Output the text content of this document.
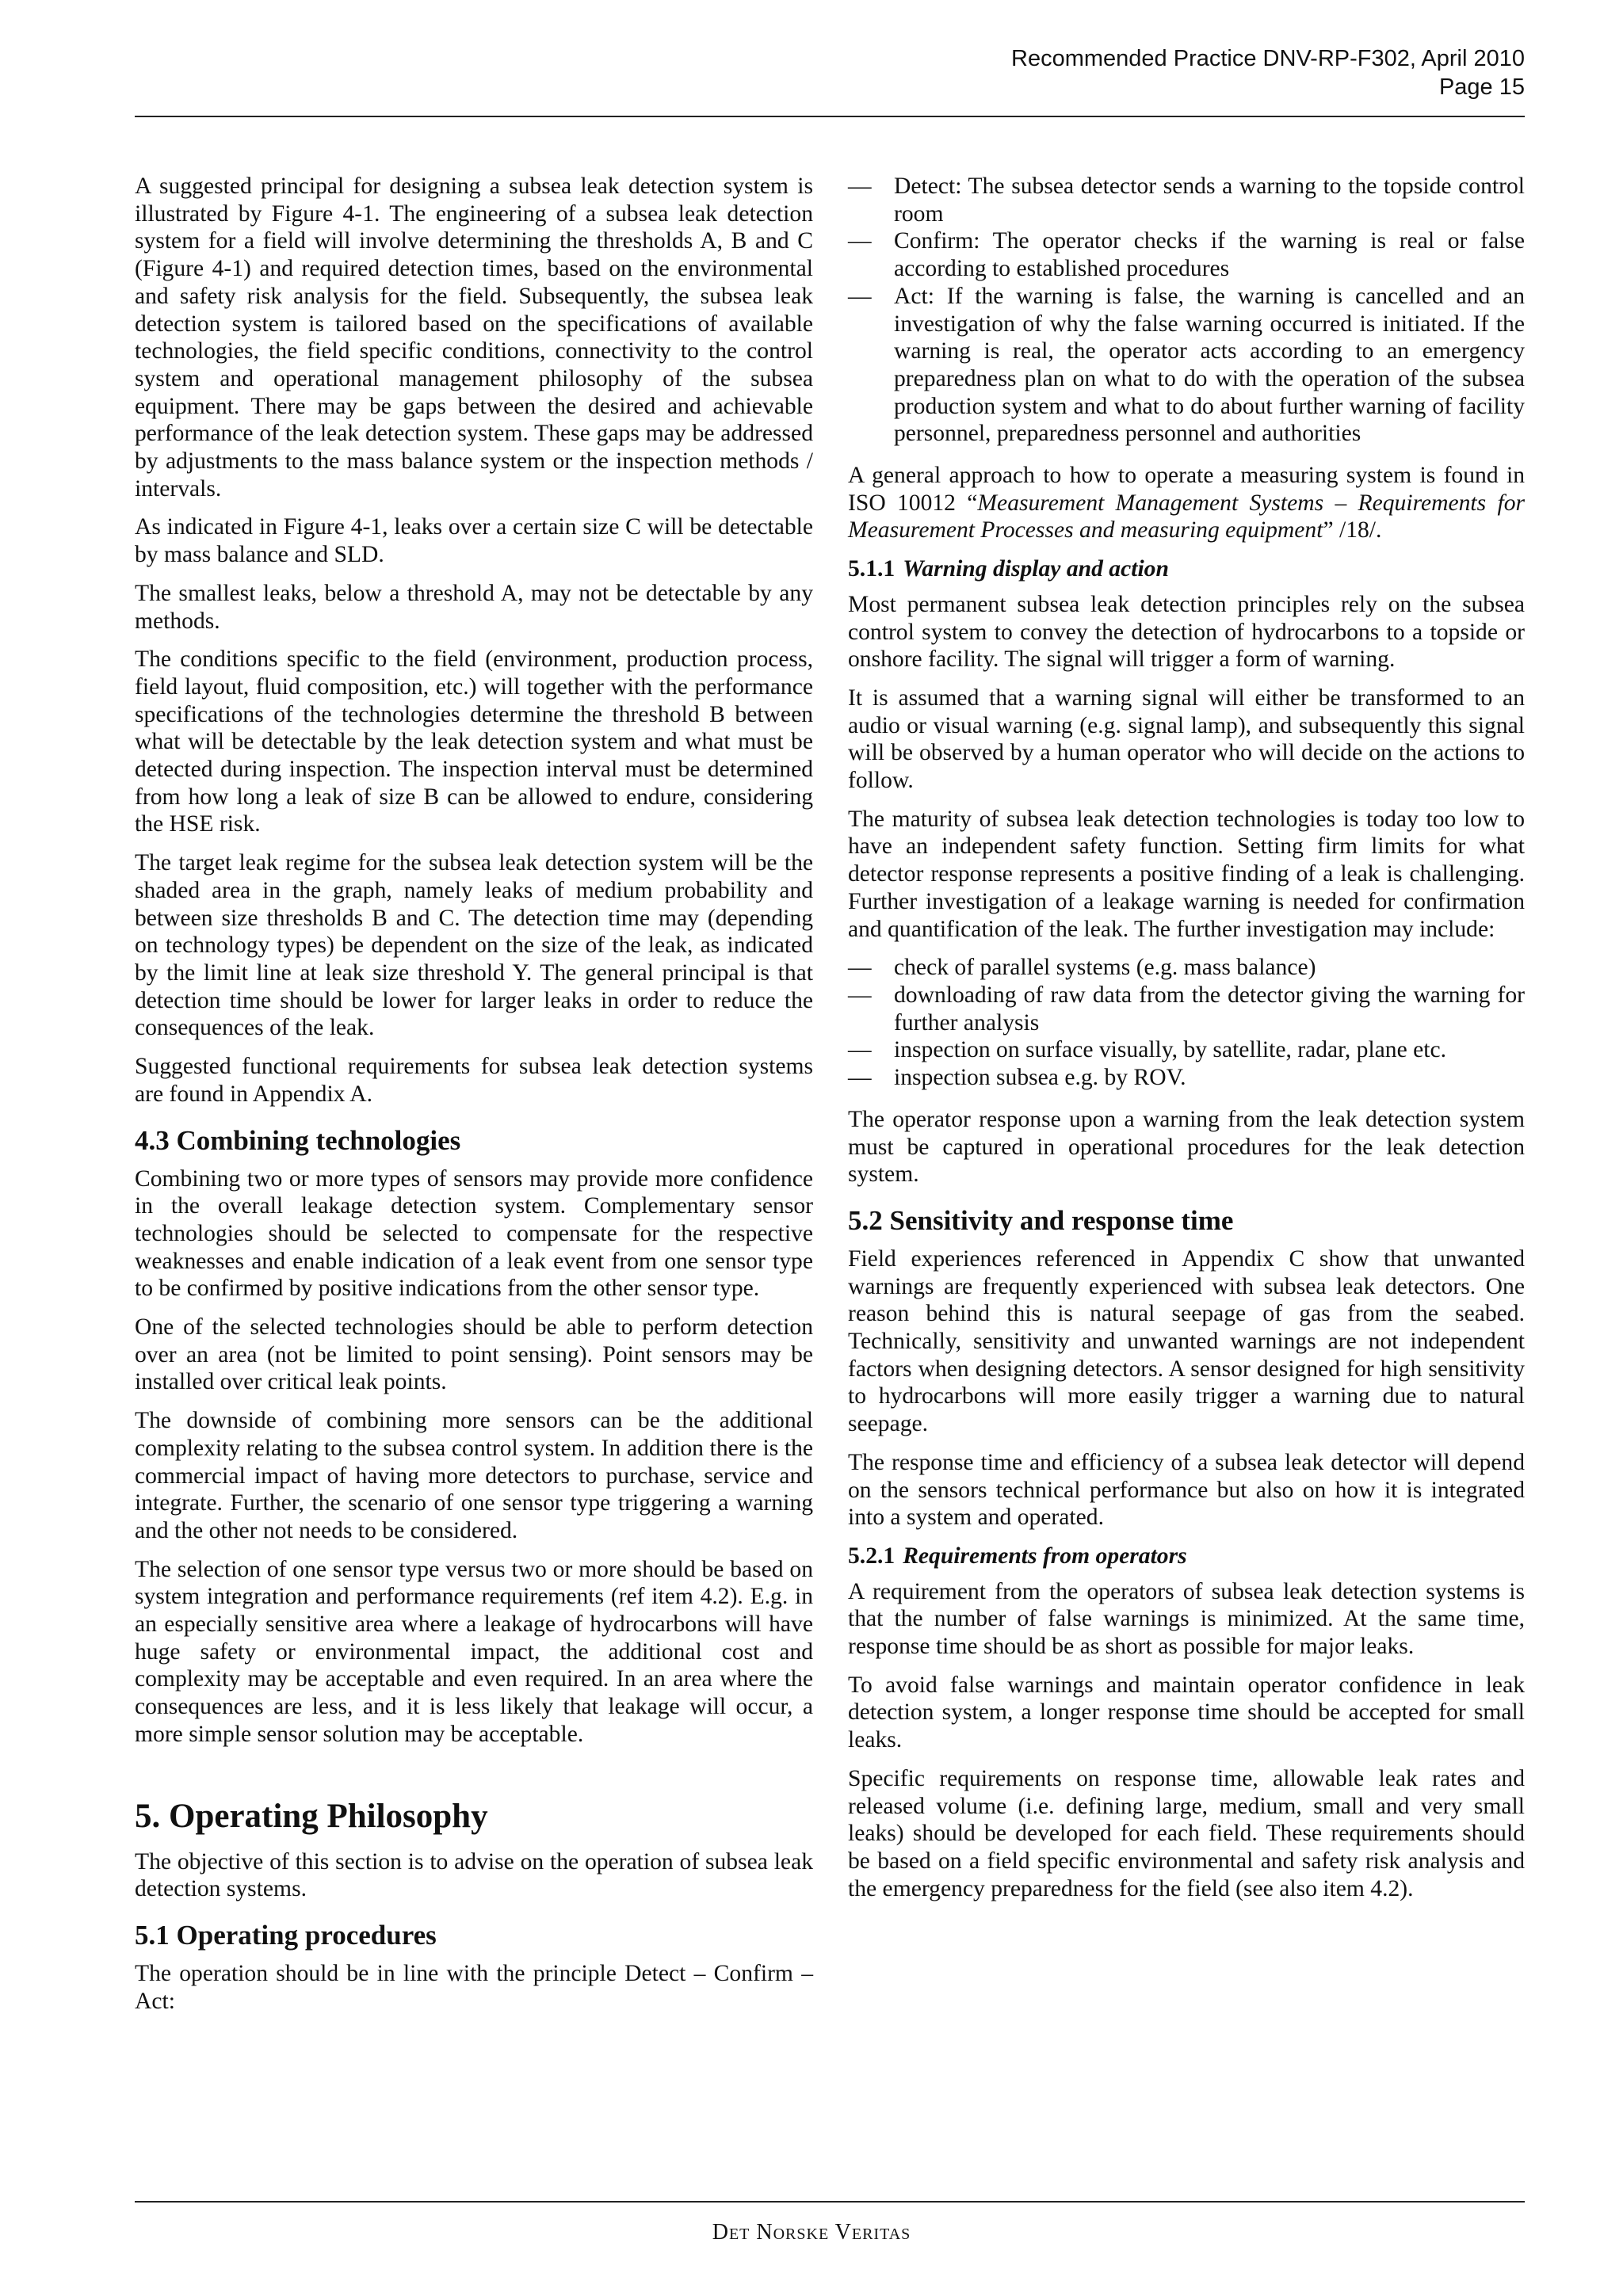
Recommended Practice DNV-RP-F302, April 2010
Page 15

A suggested principal for designing a subsea leak detection system is illustrated by Figure 4-1. The engineering of a subsea leak detection system for a field will involve determining the thresholds A, B and C (Figure 4-1) and required detection times, based on the environmental and safety risk analysis for the field. Subsequently, the subsea leak detection system is tailored based on the specifications of available technologies, the field specific conditions, connectivity to the control system and operational management philosophy of the subsea equipment. There may be gaps between the desired and achievable performance of the leak detection system. These gaps may be addressed by adjustments to the mass balance system or the inspection methods / intervals.

As indicated in Figure 4-1, leaks over a certain size C will be detectable by mass balance and SLD.

The smallest leaks, below a threshold A, may not be detectable by any methods.

The conditions specific to the field (environment, production process, field layout, fluid composition, etc.) will together with the performance specifications of the technologies determine the threshold B between what will be detectable by the leak detection system and what must be detected during inspection. The inspection interval must be determined from how long a leak of size B can be allowed to endure, considering the HSE risk.

The target leak regime for the subsea leak detection system will be the shaded area in the graph, namely leaks of medium probability and between size thresholds B and C. The detection time may (depending on technology types) be dependent on the size of the leak, as indicated by the limit line at leak size threshold Y. The general principal is that detection time should be lower for larger leaks in order to reduce the consequences of the leak.

Suggested functional requirements for subsea leak detection systems are found in Appendix A.

4.3 Combining technologies

Combining two or more types of sensors may provide more confidence in the overall leakage detection system. Complementary sensor technologies should be selected to compensate for the respective weaknesses and enable indication of a leak event from one sensor type to be confirmed by positive indications from the other sensor type.

One of the selected technologies should be able to perform detection over an area (not be limited to point sensing). Point sensors may be installed over critical leak points.

The downside of combining more sensors can be the additional complexity relating to the subsea control system. In addition there is the commercial impact of having more detectors to purchase, service and integrate. Further, the scenario of one sensor type triggering a warning and the other not needs to be considered.

The selection of one sensor type versus two or more should be based on system integration and performance requirements (ref item 4.2). E.g. in an especially sensitive area where a leakage of hydrocarbons will have huge safety or environmental impact, the additional cost and complexity may be acceptable and even required. In an area where the consequences are less, and it is less likely that leakage will occur, a more simple sensor solution may be acceptable.

5. Operating Philosophy

The objective of this section is to advise on the operation of subsea leak detection systems.

5.1 Operating procedures

The operation should be in line with the principle Detect – Confirm – Act:

— Detect: The subsea detector sends a warning to the topside control room
— Confirm: The operator checks if the warning is real or false according to established procedures
— Act: If the warning is false, the warning is cancelled and an investigation of why the false warning occurred is initiated. If the warning is real, the operator acts according to an emergency preparedness plan on what to do with the operation of the subsea production system and what to do about further warning of facility personnel, preparedness personnel and authorities

A general approach to how to operate a measuring system is found in ISO 10012 “Measurement Management Systems – Requirements for Measurement Processes and measuring equipment” /18/.

5.1.1 Warning display and action

Most permanent subsea leak detection principles rely on the subsea control system to convey the detection of hydrocarbons to a topside or onshore facility. The signal will trigger a form of warning.

It is assumed that a warning signal will either be transformed to an audio or visual warning (e.g. signal lamp), and subsequently this signal will be observed by a human operator who will decide on the actions to follow.

The maturity of subsea leak detection technologies is today too low to have an independent safety function. Setting firm limits for what detector response represents a positive finding of a leak is challenging. Further investigation of a leakage warning is needed for confirmation and quantification of the leak. The further investigation may include:

— check of parallel systems (e.g. mass balance)
— downloading of raw data from the detector giving the warning for further analysis
— inspection on surface visually, by satellite, radar, plane etc.
— inspection subsea e.g. by ROV.

The operator response upon a warning from the leak detection system must be captured in operational procedures for the leak detection system.

5.2 Sensitivity and response time

Field experiences referenced in Appendix C show that unwanted warnings are frequently experienced with subsea leak detectors. One reason behind this is natural seepage of gas from the seabed. Technically, sensitivity and unwanted warnings are not independent factors when designing detectors. A sensor designed for high sensitivity to hydrocarbons will more easily trigger a warning due to natural seepage.

The response time and efficiency of a subsea leak detector will depend on the sensors technical performance but also on how it is integrated into a system and operated.

5.2.1 Requirements from operators

A requirement from the operators of subsea leak detection systems is that the number of false warnings is minimized. At the same time, response time should be as short as possible for major leaks.

To avoid false warnings and maintain operator confidence in leak detection system, a longer response time should be accepted for small leaks.

Specific requirements on response time, allowable leak rates and released volume (i.e. defining large, medium, small and very small leaks) should be developed for each field. These requirements should be based on a field specific environmental and safety risk analysis and the emergency preparedness for the field (see also item 4.2).

Det Norske Veritas
